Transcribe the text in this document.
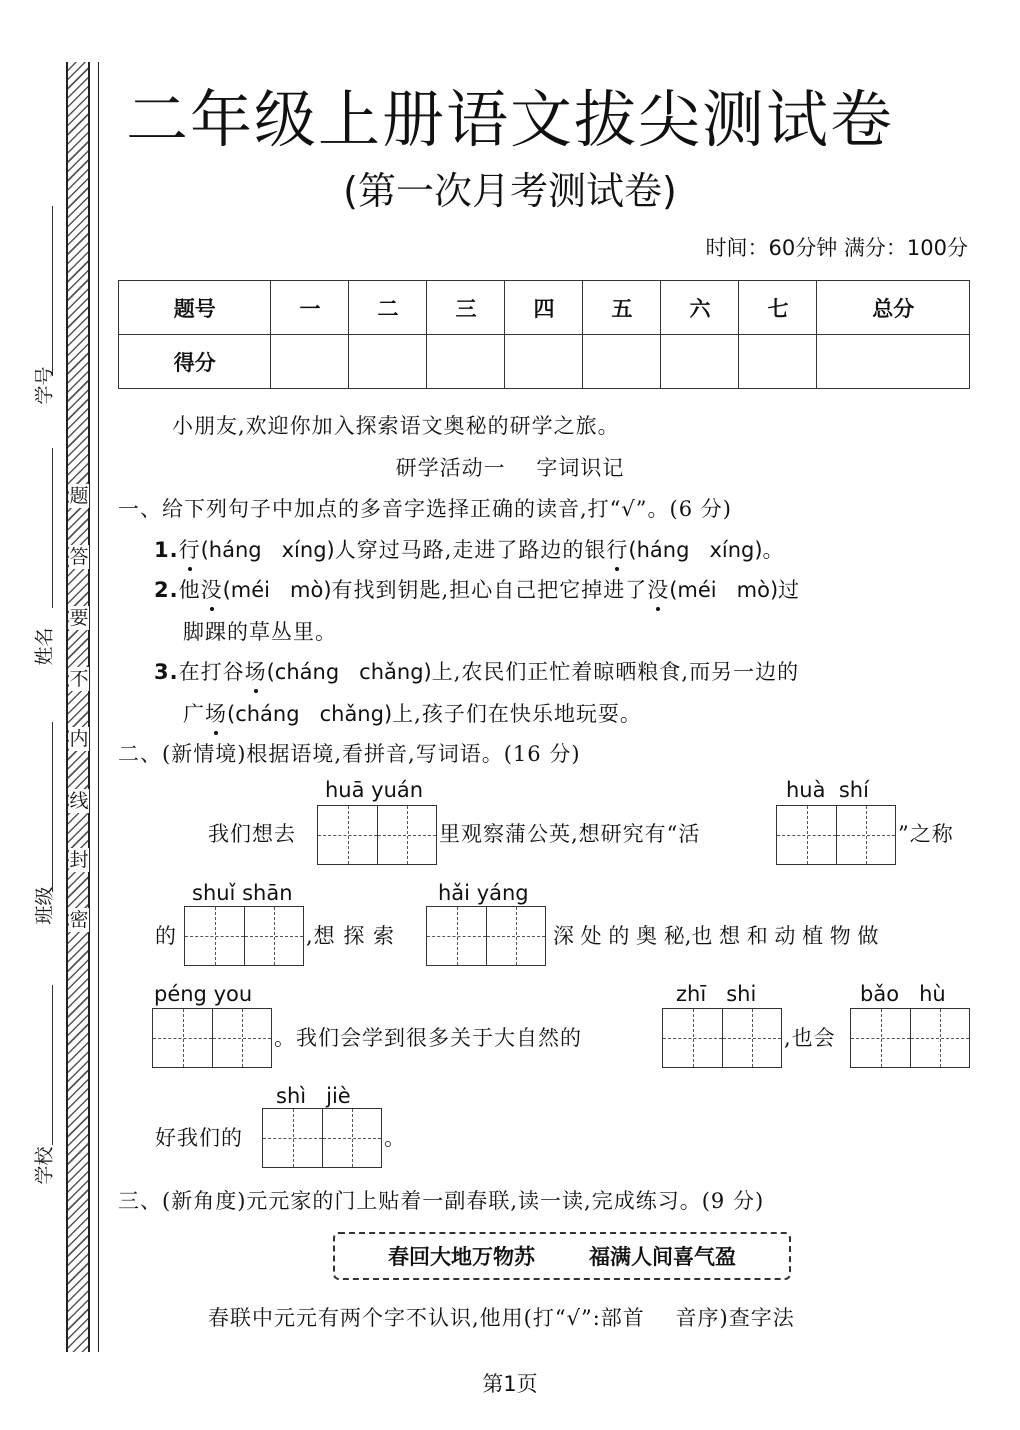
题
答
要
不
内
线
封
密
学号
姓名
班级
学校
二年级上册语文拔尖测试卷
(第一次月考测试卷)
时间：60分钟 满分：100分
题号	一	二	三	四	五	六	七	总分
得分								
小朋友,欢迎你加入探索语文奥秘的研学之旅。
研学活动一    字词识记
一、给下列句子中加点的多音字选择正确的读音,打“√”。(6 分)
1.行(háng   xíng)人穿过马路,走进了路边的银行(háng   xíng)。
2.他没(méi   mò)有找到钥匙,担心自己把它掉进了没(méi   mò)过
脚踝的草丛里。
3.在打谷场(cháng   chǎng)上,农民们正忙着晾晒粮食,而另一边的
广场(cháng   chǎng)上,孩子们在快乐地玩耍。
二、(新情境)根据语境,看拼音,写词语。(16 分)
huā yuán	huà  shí
我们想去	里观察蒲公英,想研究有“活	”之称
shuǐ shān	hǎi yáng
的	,想 探 索	深 处 的 奥 秘,也 想 和 动 植 物 做
péng you	zhī   shi	bǎo   hù
。我们会学到很多关于大自然的	,也会
shì   jiè
好我们的	。
三、(新角度)元元家的门上贴着一副春联,读一读,完成练习。(9 分)
春回大地万物苏	福满人间喜气盈
春联中元元有两个字不认识,他用(打“√”:部首    音序)查字法
第1页
